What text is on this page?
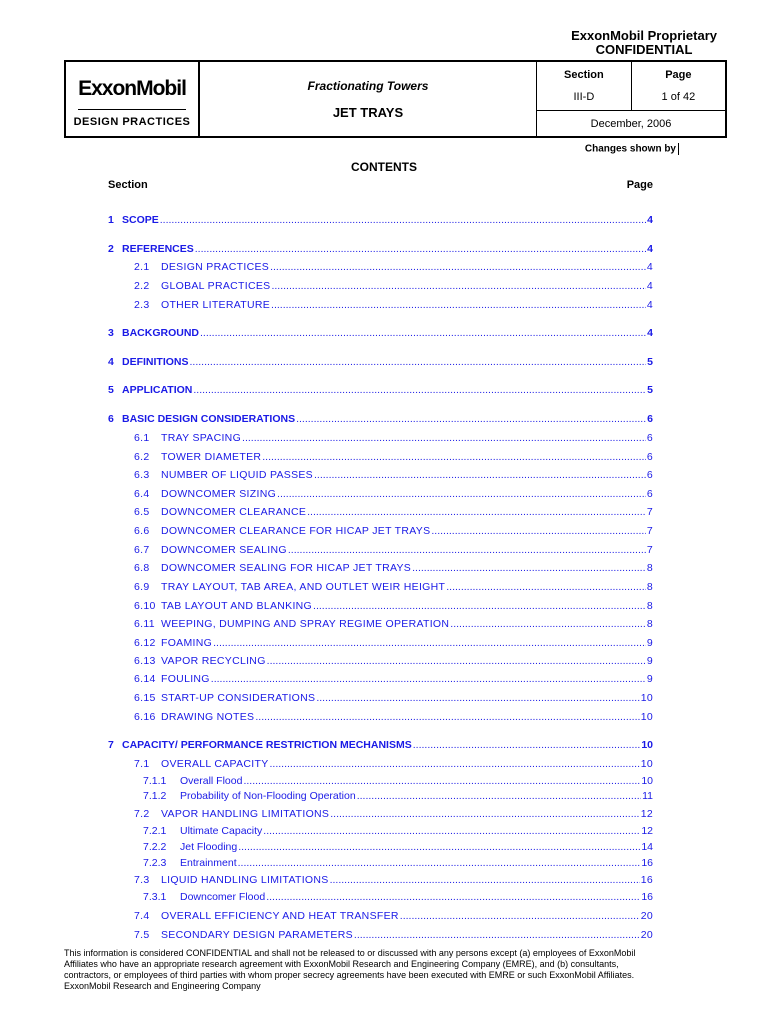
ExxonMobil Proprietary
CONFIDENTIAL
ExxonMobil
DESIGN PRACTICES

Fractionating Towers
JET TRAYS

Section
III-D

Page
1 of 42

December, 2006
Changes shown by
CONTENTS
Section	Page
1 SCOPE .....	4
2 REFERENCES .....	4
2.1	DESIGN PRACTICES .....	4
2.2	GLOBAL PRACTICES .....	4
2.3	OTHER LITERATURE .....	4
3 BACKGROUND .....	4
4 DEFINITIONS .....	5
5 APPLICATION .....	5
6 BASIC DESIGN CONSIDERATIONS .....	6
6.1	TRAY SPACING .....	6
6.2	TOWER DIAMETER .....	6
6.3	NUMBER OF LIQUID PASSES .....	6
6.4	DOWNCOMER SIZING .....	6
6.5	DOWNCOMER CLEARANCE .....	7
6.6	DOWNCOMER CLEARANCE FOR HICAP JET TRAYS .....	7
6.7	DOWNCOMER SEALING .....	7
6.8	DOWNCOMER SEALING FOR HICAP JET TRAYS .....	8
6.9	TRAY LAYOUT, TAB AREA, AND OUTLET WEIR HEIGHT .....	8
6.10 TAB LAYOUT AND BLANKING .....	8
6.11 WEEPING, DUMPING AND SPRAY REGIME OPERATION .....	8
6.12 FOAMING .....	9
6.13 VAPOR RECYCLING .....	9
6.14 FOULING .....	9
6.15 START-UP CONSIDERATIONS .....	10
6.16 DRAWING NOTES .....	10
7 CAPACITY/ PERFORMANCE RESTRICTION MECHANISMS .....	10
7.1	OVERALL CAPACITY .....	10
7.1.1	Overall Flood .....	10
7.1.2	Probability of Non-Flooding Operation .....	11
7.2	VAPOR HANDLING LIMITATIONS .....	12
7.2.1	Ultimate Capacity .....	12
7.2.2	Jet Flooding .....	14
7.2.3	Entrainment .....	16
7.3	LIQUID HANDLING LIMITATIONS .....	16
7.3.1	Downcomer Flood .....	16
7.4	OVERALL EFFICIENCY AND HEAT TRANSFER .....	20
7.5	SECONDARY DESIGN PARAMETERS .....	20
This information is considered CONFIDENTIAL and shall not be released to or discussed with any persons except (a) employees of ExxonMobil
Affiliates who have an appropriate research agreement with ExxonMobil Research and Engineering Company (EMRE), and (b) consultants,
contractors, or employees of third parties with whom proper secrecy agreements have been executed with EMRE or such ExxonMobil Affiliates.
ExxonMobil Research and Engineering Company
